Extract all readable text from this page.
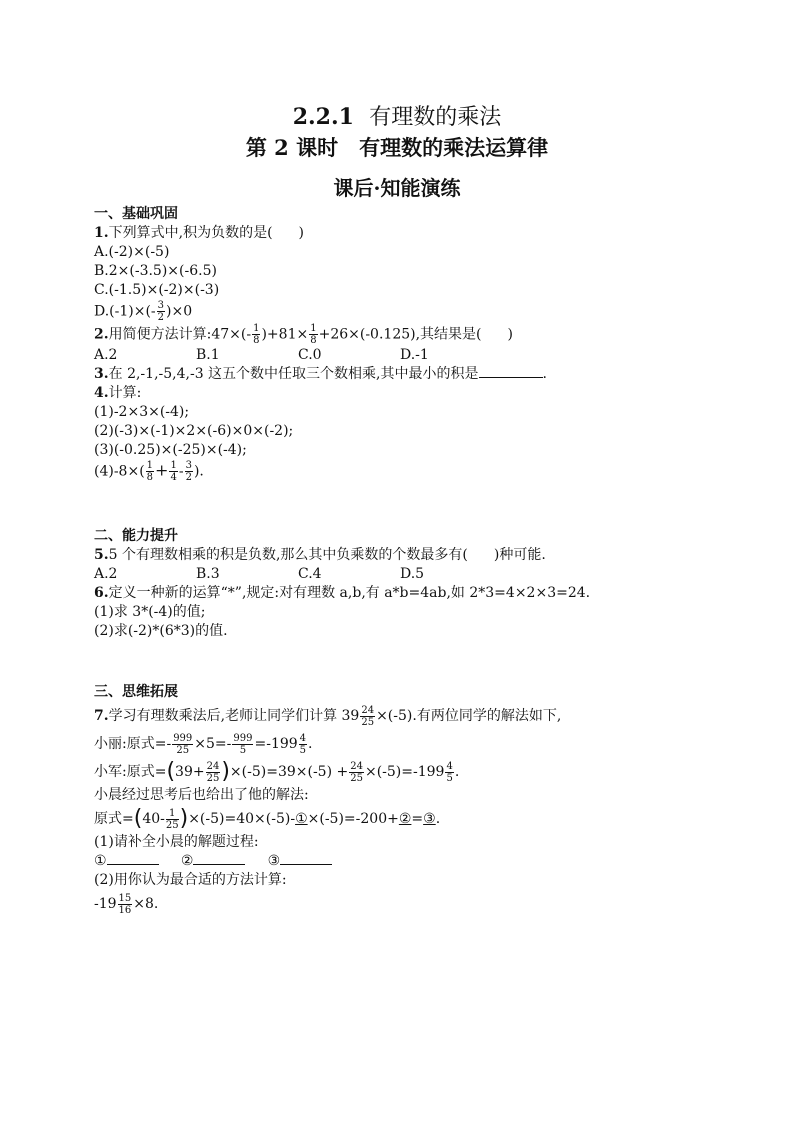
2.2.1 有理数的乘法
第 2 课时　有理数的乘法运算律
课后·知能演练

一、基础巩固

1.下列算式中,积为负数的是( )

A.(-2)×(-5)

B.2×(-3.5)×(-6.5)

C.(-1.5)×(-2)×(-3)

$D.(-1)\times(- \frac{3}{2} )\times 0$

2.用简便方法计算:47×(- $\frac{1}{8} )+81\times \frac{1}{8} +26\times(-0.125)$,其结果是( )

A.2	B.1	C.0	D.-1

3.在 2,-1,-5,4,-3 这五个数中任取三个数相乘,其中最小的积是	.

4.计算:

(1)-2×3×(-4);

(2)(-3)×(-1)×2×(-6)×0×(-2);

(3)(-0.25)×(-25)×(-4);

$(4)-8\times( \frac{1}{8} + \frac{1}{4} - \frac{3}{2}$ ).

二、能力提升

5.5 个有理数相乘的积是负数,那么其中负乘数的个数最多有( )种可能.

A.2	B.3	C.4	D.5

6.定义一种新的运算“*”,规定:对有理数 a,b,有 a*b=4ab,如 2*3=4×2×3=24.

(1)求 3*(-4)的值;

(2)求(-2)*(6*3)的值.

三、思维拓展

7.学习有理数乘法后,老师让同学们计算 $39 \frac{24}{25} \times(-5)$.有两位同学的解法如下,

小丽:原式=- $\frac{999}{25} \times 5=- \frac{999}{5} =-199 \frac{4}{5}$ .

小军:原式$=(39+ \frac{24}{25} )\times(-5)=39\times(-5) + \frac{24}{25} \times(-5)=-199 \frac{4}{5}$ .

小晨经过思考后也给出了他的解法:

原式$=(40- \frac{1}{25}$ )×(-5)=40×(-5)-①×(-5)=-200+②=③.

(1)请补全小晨的解题过程:

①	②	③

(2)用你认为最合适的方法计算:

$-19 \frac{15}{16} \times 8$.
